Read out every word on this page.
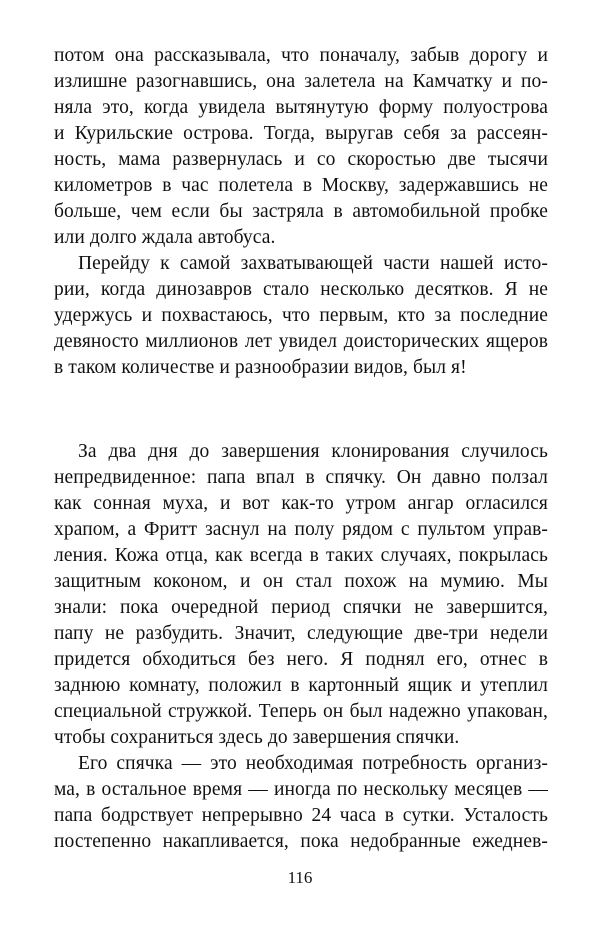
потом она рассказывала, что поначалу, забыв дорогу и
излишне разогнавшись, она залетела на Камчатку и по-
няла это, когда увидела вытянутую форму полуострова
и Курильские острова. Тогда, выругав себя за рассеян-
ность, мама развернулась и со скоростью две тысячи
километров в час полетела в Москву, задержавшись не
больше, чем если бы застряла в автомобильной пробке
или долго ждала автобуса.
Перейду к самой захватывающей части нашей исто-
рии, когда динозавров стало несколько десятков. Я не
удержусь и похвастаюсь, что первым, кто за последние
девяносто миллионов лет увидел доисторических ящеров
в таком количестве и разнообразии видов, был я!
За два дня до завершения клонирования случилось
непредвиденное: папа впал в спячку. Он давно ползал
как сонная муха, и вот как-то утром ангар огласился
храпом, а Фритт заснул на полу рядом с пультом управ-
ления. Кожа отца, как всегда в таких случаях, покрылась
защитным коконом, и он стал похож на мумию. Мы
знали: пока очередной период спячки не завершится,
папу не разбудить. Значит, следующие две-три недели
придется обходиться без него. Я поднял его, отнес в
заднюю комнату, положил в картонный ящик и утеплил
специальной стружкой. Теперь он был надежно упакован,
чтобы сохраниться здесь до завершения спячки.
Его спячка — это необходимая потребность организ-
ма, в остальное время — иногда по нескольку месяцев —
папа бодрствует непрерывно 24 часа в сутки. Усталость
постепенно накапливается, пока недобранные ежеднев-
116
